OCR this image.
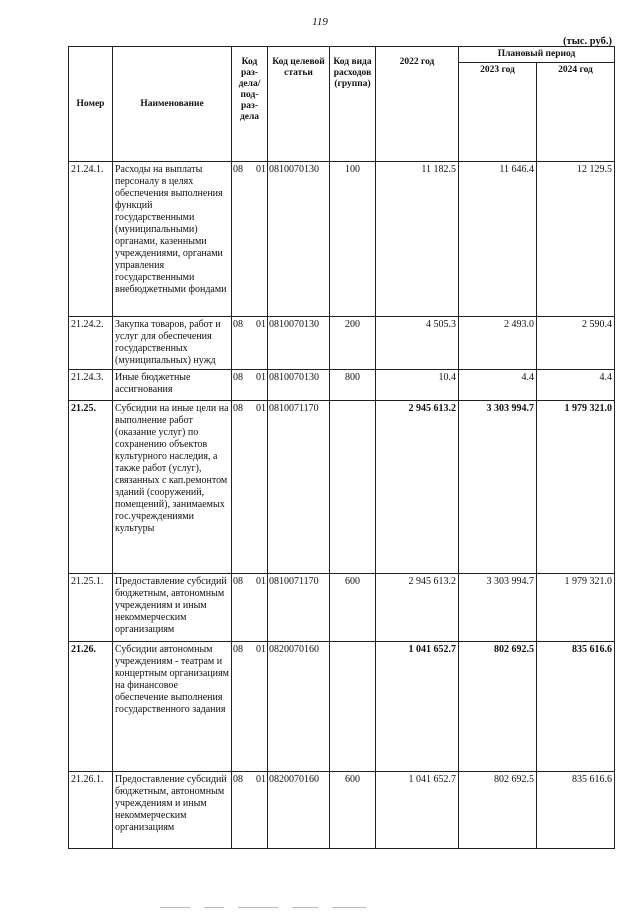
119
(тыс. руб.)
Номер	Наименование	Код раз-дела/ под-раз-дела	Код целевой статьи	Код вида расходов (группа)	2022 год	Плановый период	
						2023 год	2024 год
21.24.1.	Расходы на выплаты персоналу в целях обеспечения выполнения функций государственными (муниципальными) органами, казенными учреждениями, органами управления государственными внебюджетными фондами	08 01	0810070130	100	11 182.5	11 646.4	12 129.5
21.24.2.	Закупка товаров, работ и услуг для обеспечения государственных (муниципальных) нужд	08 01	0810070130	200	4 505.3	2 493.0	2 590.4
21.24.3.	Иные бюджетные ассигнования	08 01	0810070130	800	10.4	4.4	4.4
21.25.	Субсидии на иные цели на выполнение работ (оказание услуг) по сохранению объектов культурного наследия, а также работ (услуг), связанных с кап.ремонтом зданий (сооружений, помещений), занимаемых гос.учреждениями культуры	08 01	0810071170		2 945 613.2	3 303 994.7	1 979 321.0
21.25.1.	Предоставление субсидий бюджетным, автономным учреждениям и иным некоммерческим организациям	08 01	0810071170	600	2 945 613.2	3 303 994.7	1 979 321.0
21.26.	Субсидии автономным учреждениям - театрам и концертным организациям на финансовое обеспечение выполнения государственного задания	08 01	0820070160		1 041 652.7	802 692.5	835 616.6
21.26.1.	Предоставление субсидий бюджетным, автономным учреждениям и иным некоммерческим организациям	08 01	0820070160	600	1 041 652.7	802 692.5	835 616.6
